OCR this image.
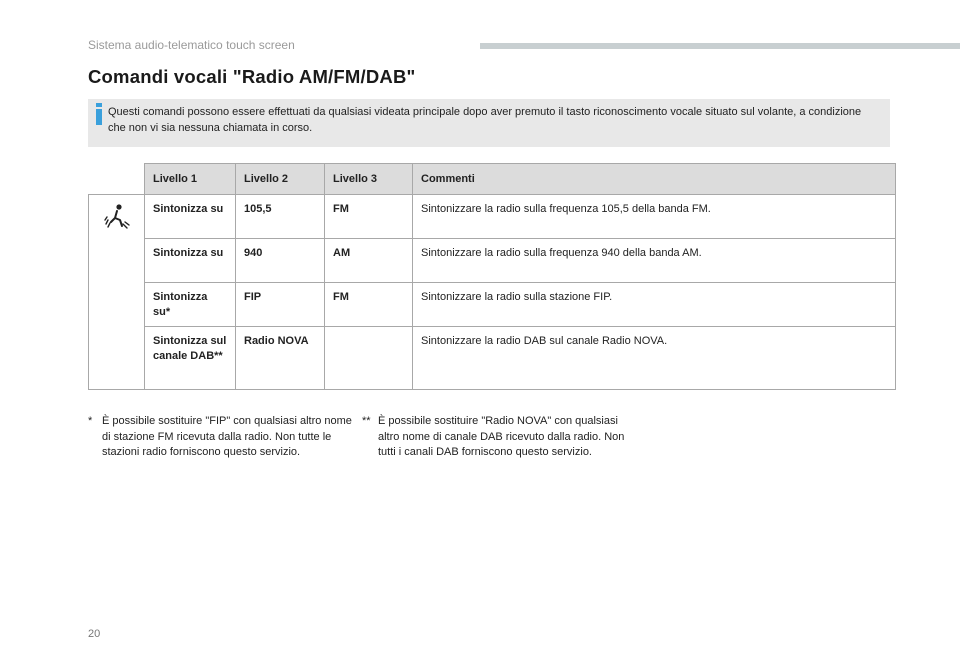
Sistema audio-telematico touch screen
Comandi vocali "Radio AM/FM/DAB"
Questi comandi possono essere effettuati da qualsiasi videata principale dopo aver premuto il tasto riconoscimento vocale situato sul volante, a condizione che non vi sia nessuna chiamata in corso.
	Livello 1	Livello 2	Livello 3	Commenti
	Sintonizza su	105,5	FM	Sintonizzare la radio sulla frequenza 105,5 della banda FM.
	Sintonizza su	940	AM	Sintonizzare la radio sulla frequenza 940 della banda AM.
	Sintonizza su*	FIP	FM	Sintonizzare la radio sulla stazione FIP.
	Sintonizza sul canale DAB**	Radio NOVA		Sintonizzare la radio DAB sul canale Radio NOVA.
* È possibile sostituire "FIP" con qualsiasi altro nome di stazione FM ricevuta dalla radio. Non tutte le stazioni radio forniscono questo servizio.
** È possibile sostituire "Radio NOVA" con qualsiasi altro nome di canale DAB ricevuto dalla radio. Non tutti i canali DAB forniscono questo servizio.
20
